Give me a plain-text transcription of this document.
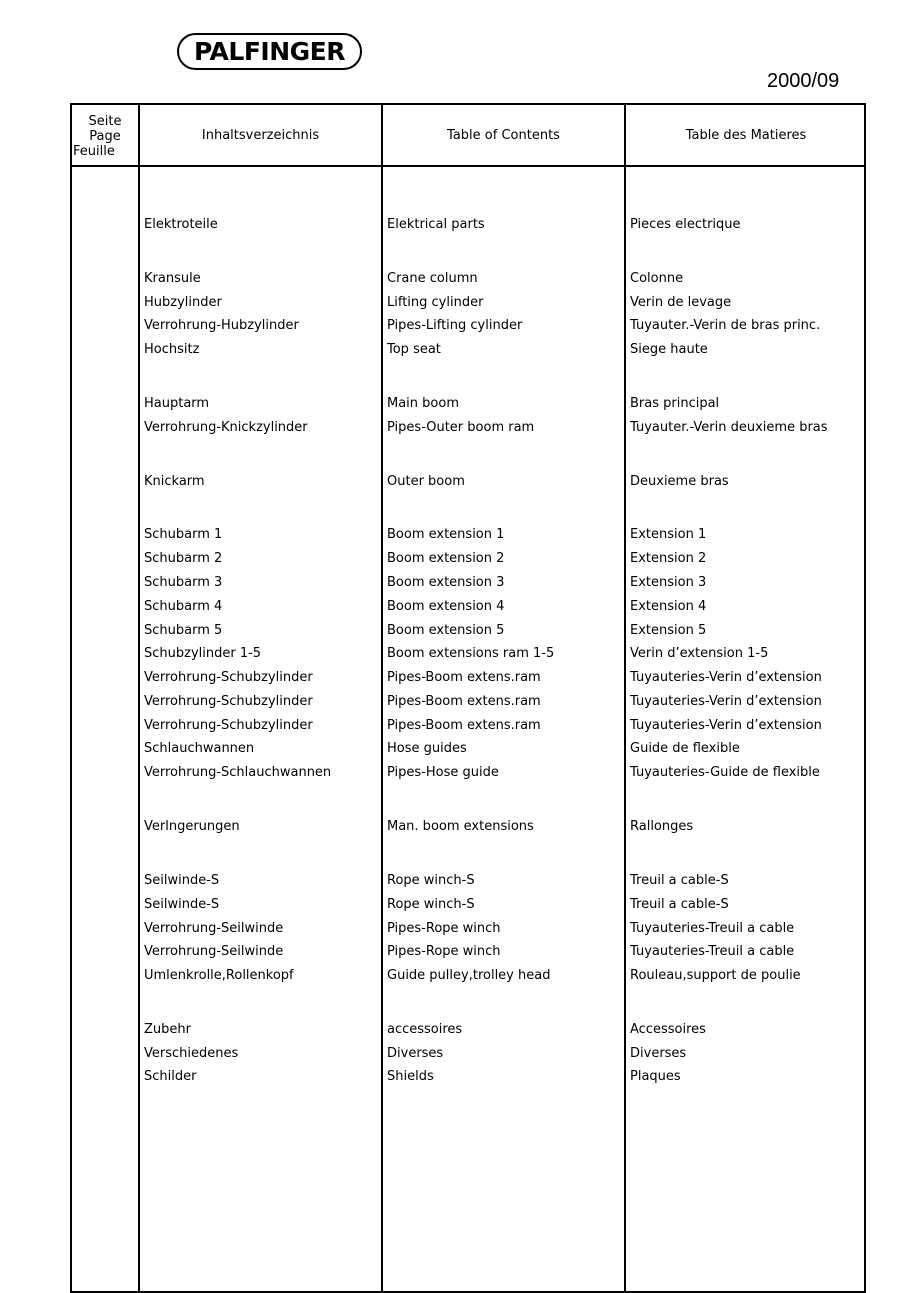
PALFINGER
2000/09
Seite
Page
Feuille
Inhaltsverzeichnis	Table of Contents	Table des Matieres
Elektroteile	Elektrical parts	Pieces electrique
Kransule	Crane column	Colonne
Hubzylinder	Lifting cylinder	Verin de levage
Verrohrung-Hubzylinder	Pipes-Lifting cylinder	Tuyauter.-Verin de bras princ.
Hochsitz	Top seat	Siege haute
Hauptarm	Main boom	Bras principal
Verrohrung-Knickzylinder	Pipes-Outer boom ram	Tuyauter.-Verin deuxieme bras
Knickarm	Outer boom	Deuxieme bras
Schubarm 1	Boom extension 1	Extension 1
Schubarm 2	Boom extension 2	Extension 2
Schubarm 3	Boom extension 3	Extension 3
Schubarm 4	Boom extension 4	Extension 4
Schubarm 5	Boom extension 5	Extension 5
Schubzylinder 1-5	Boom extensions ram 1-5	Verin d’extension 1-5
Verrohrung-Schubzylinder	Pipes-Boom extens.ram	Tuyauteries-Verin d’extension
Verrohrung-Schubzylinder	Pipes-Boom extens.ram	Tuyauteries-Verin d’extension
Verrohrung-Schubzylinder	Pipes-Boom extens.ram	Tuyauteries-Verin d’extension
Schlauchwannen	Hose guides	Guide de flexible
Verrohrung-Schlauchwannen	Pipes-Hose guide	Tuyauteries-Guide de flexible
Verlngerungen	Man. boom extensions	Rallonges
Seilwinde-S	Rope winch-S	Treuil a cable-S
Seilwinde-S	Rope winch-S	Treuil a cable-S
Verrohrung-Seilwinde	Pipes-Rope winch	Tuyauteries-Treuil a cable
Verrohrung-Seilwinde	Pipes-Rope winch	Tuyauteries-Treuil a cable
Umlenkrolle,Rollenkopf	Guide pulley,trolley head	Rouleau,support de poulie
Zubehr	accessoires	Accessoires
Verschiedenes	Diverses	Diverses
Schilder	Shields	Plaques
